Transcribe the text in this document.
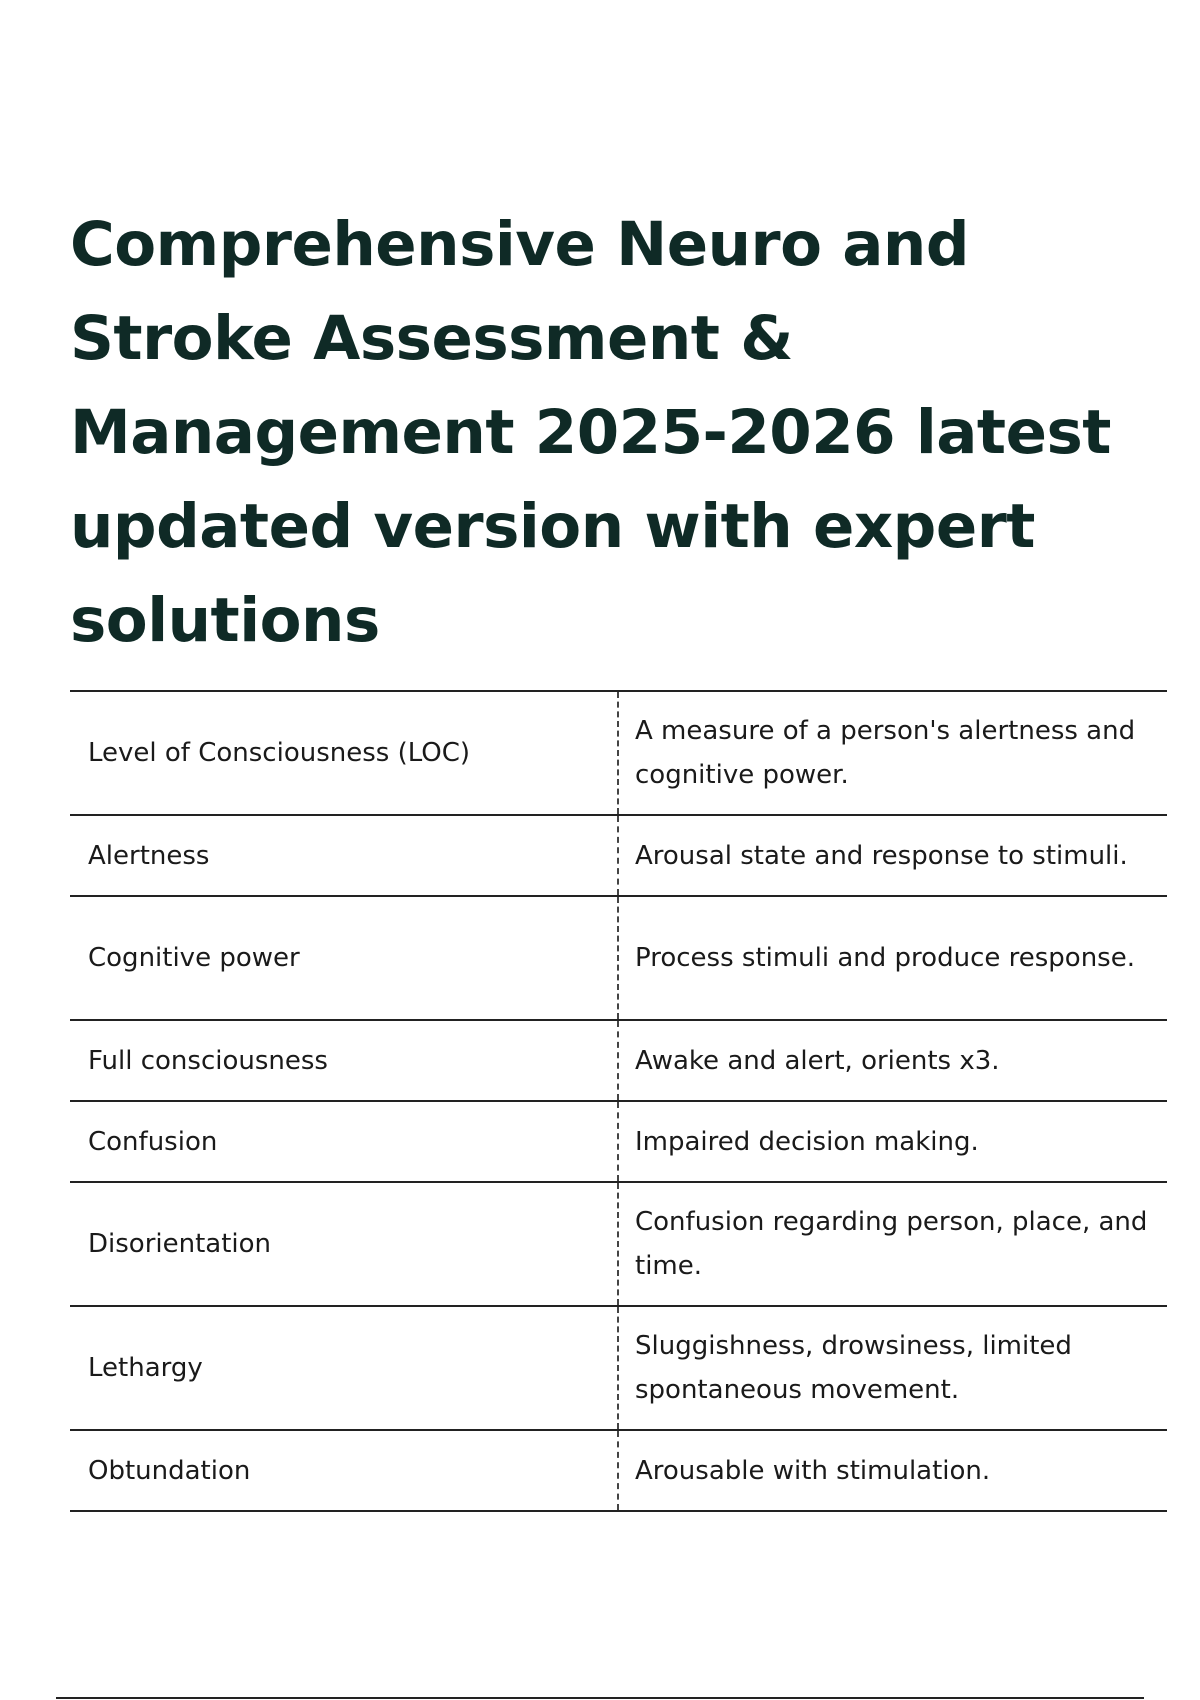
Comprehensive Neuro and Stroke Assessment & Management 2025-2026 latest updated version with expert solutions
Level of Consciousness (LOC)	A measure of a person's alertness and cognitive power.
Alertness	Arousal state and response to stimuli.
Cognitive power	Process stimuli and produce response.
Full consciousness	Awake and alert, orients x3.
Confusion	Impaired decision making.
Disorientation	Confusion regarding person, place, and time.
Lethargy	Sluggishness, drowsiness, limited spontaneous movement.
Obtundation	Arousable with stimulation.
